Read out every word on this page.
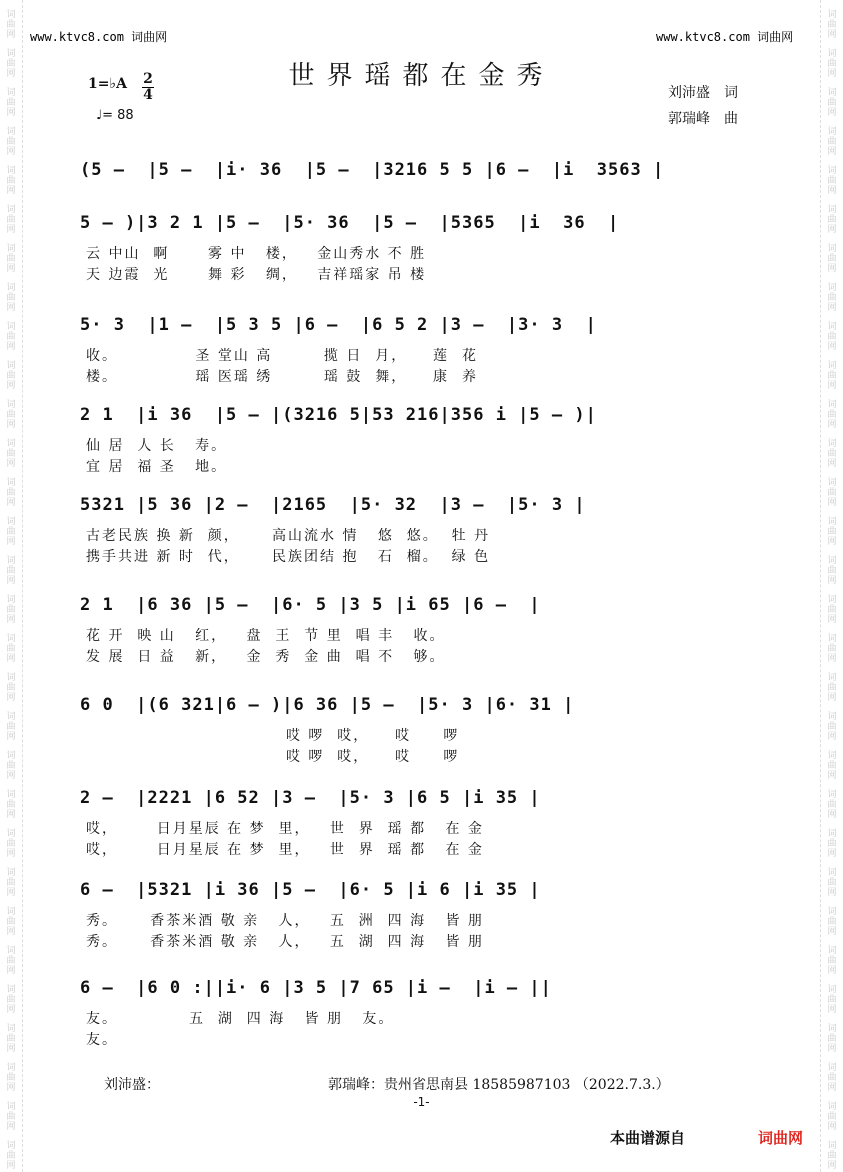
词曲网
词曲网
词曲网
词曲网
词曲网
词曲网
词曲网
词曲网
词曲网
词曲网
词曲网
词曲网
词曲网
词曲网
词曲网
词曲网
词曲网
词曲网
词曲网
词曲网
词曲网
词曲网
词曲网
词曲网
词曲网
词曲网
词曲网
词曲网
词曲网
词曲网
词曲网
词曲网
词曲网
词曲网
词曲网
词曲网
词曲网
词曲网
词曲网
词曲网
词曲网
词曲网
词曲网
词曲网
词曲网
词曲网
词曲网
词曲网
词曲网
词曲网
词曲网
词曲网
词曲网
词曲网
词曲网
词曲网
词曲网
词曲网
词曲网
词曲网
www.ktvc8.com 词曲网	www.ktvc8.com 词曲网
世界瑶都在金秀
1=♭A 2
4
♩= 88
刘沛盛　词
郭瑞峰　曲
(5 –  |5 –  |i· 36  |5 –  |3216 5 5 |6 –  |i  3563 |
5 – )|3 2 1 |5 –  |5· 36  |5 –  |5365  |i  36  |
云 中山  啊      雾 中   楼，   金山秀水 不 胜
天 边霞  光      舞 彩   绸，   吉祥瑶家 吊 楼
5· 3  |1 –  |5 3 5 |6 –  |6 5 2 |3 –  |3· 3  |
收。            圣 堂山 高        揽 日  月，    莲  花
楼。            瑶 医瑶 绣        瑶 鼓  舞，    康  养
2 1  |i 36  |5 – |(3216 5|53 216|356 i |5 – )|
仙 居  人 长   寿。
宜 居  福 圣   地。
5321 |5 36 |2 –  |2165  |5· 32  |3 –  |5· 3 |
古老民族 换 新  颜，     高山流水 情   悠  悠。  牡 丹
携手共进 新 时  代，     民族团结 抱   石  榴。  绿 色
2 1  |6 36 |5 –  |6· 5 |3 5 |i 65 |6 –  |
花 开  映 山   红，   盘  王  节 里  唱 丰   收。
发 展  日 益   新，   金  秀  金 曲  唱 不   够。
6 0  |(6 321|6 – )|6 36 |5 –  |5· 3 |6· 31 |
哎 啰  哎，    哎     啰
哎 啰  哎，    哎     啰
2 –  |2221 |6 52 |3 –  |5· 3 |6 5 |i 35 |
哎，      日月星辰 在 梦  里，   世  界  瑶 都   在 金
哎，      日月星辰 在 梦  里，   世  界  瑶 都   在 金
6 –  |5321 |i 36 |5 –  |6· 5 |i 6 |i 35 |
秀。     香茶米酒 敬 亲   人，   五  洲  四 海   皆 朋
秀。     香茶米酒 敬 亲   人，   五  湖  四 海   皆 朋
6 –  |6 0 :||i· 6 |3 5 |7 65 |i –  |i – ||
友。           五  湖  四 海   皆 朋   友。
友。
刘沛盛：	郭瑞峰：贵州省思南县 18585987103 （2022.7.3.）
-1-
本曲谱源自	词曲网
